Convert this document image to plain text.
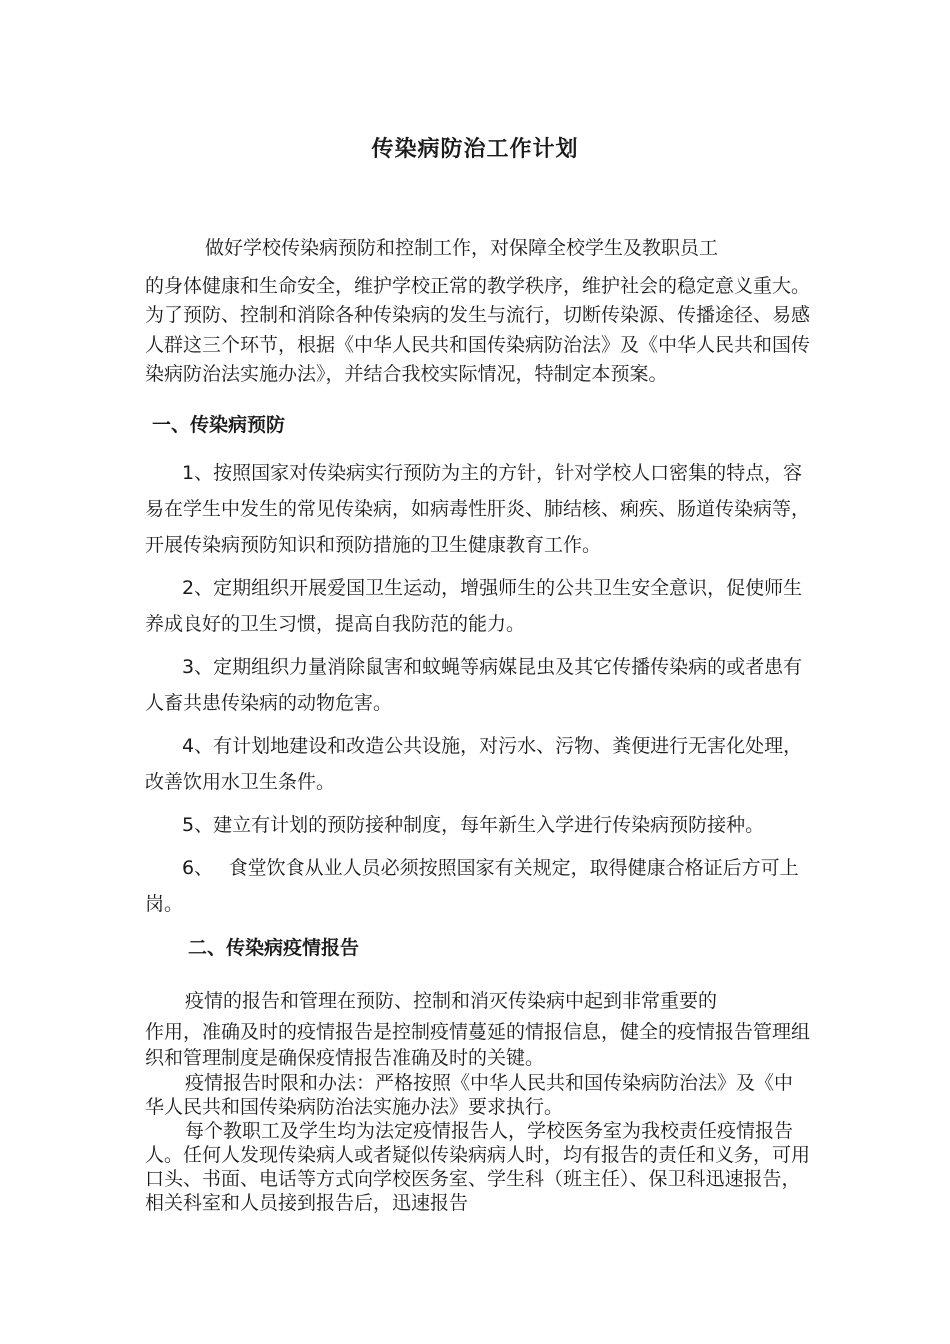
传染病防治工作计划
做好学校传染病预防和控制工作，对保障全校学生及教职员工
的身体健康和生命安全，维护学校正常的教学秩序，维护社会的稳定意义重大。为了预防、控制和消除各种传染病的发生与流行，切断传染源、传播途径、易感人群这三个环节，根据《中华人民共和国传染病防治法》及《中华人民共和国传染病防治法实施办法》，并结合我校实际情况，特制定本预案。
一、传染病预防

1、按照国家对传染病实行预防为主的方针，针对学校人口密集的特点，容易在学生中发生的常见传染病，如病毒性肝炎、肺结核、痢疾、肠道传染病等，开展传染病预防知识和预防措施的卫生健康教育工作。

2、定期组织开展爱国卫生运动，增强师生的公共卫生安全意识，促使师生养成良好的卫生习惯，提高自我防范的能力。

3、定期组织力量消除鼠害和蚊蝇等病媒昆虫及其它传播传染病的或者患有人畜共患传染病的动物危害。

4、有计划地建设和改造公共设施，对污水、污物、粪便进行无害化处理，改善饮用水卫生条件。

5、建立有计划的预防接种制度，每年新生入学进行传染病预防接种。

6、　 食堂饮食从业人员必须按照国家有关规定，取得健康合格证后方可上岗。

二、传染病疫情报告

疫情的报告和管理在预防、控制和消灭传染病中起到非常重要的

作用，准确及时的疫情报告是控制疫情蔓延的情报信息，健全的疫情报告管理组织和管理制度是确保疫情报告准确及时的关键。

疫情报告时限和办法：严格按照《中华人民共和国传染病防治法》及《中华人民共和国传染病防治法实施办法》要求执行。

每个教职工及学生均为法定疫情报告人，学校医务室为我校责任疫情报告人。任何人发现传染病人或者疑似传染病病人时，均有报告的责任和义务，可用口头、书面、电话等方式向学校医务室、学生科（班主任）、保卫科迅速报告，相关科室和人员接到报告后，迅速报告
